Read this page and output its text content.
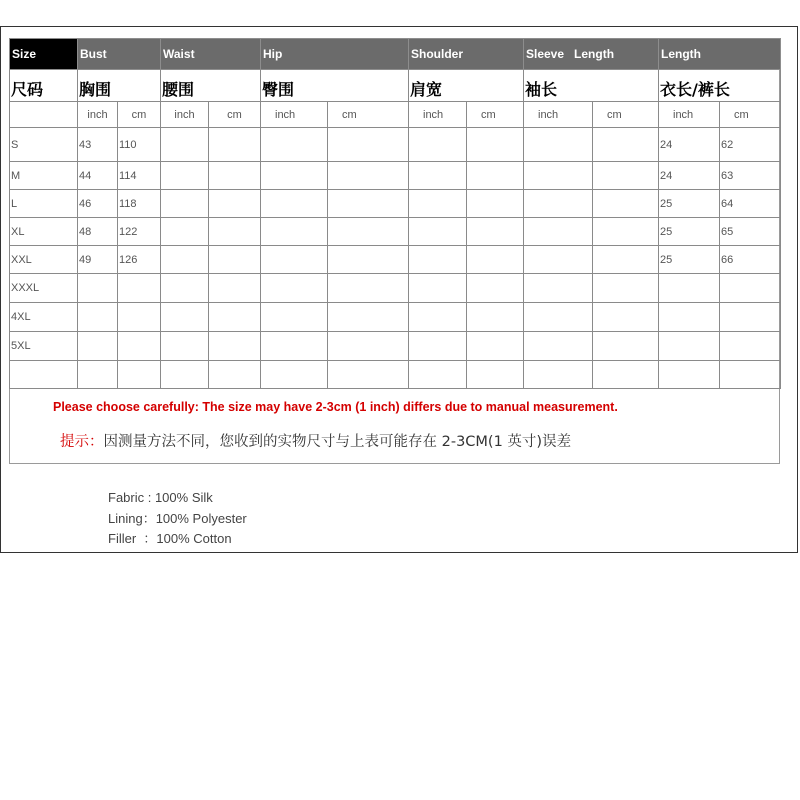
Size	Bust		Waist		Hip		Shoulder		Sleeve   Length		Length	
尺码	胸围		腰围		臀围		肩宽		袖长		衣长/裤长	
	inch	cm	inch	cm	inch	cm	inch	cm	inch	cm	inch	cm
S	43	110									24	62
M	44	114									24	63
L	46	118									25	64
XL	48	122									25	65
XXL	49	126									25	66
XXXL												
4XL												
5XL												

Please choose carefully: The size may have 2-3cm (1 inch) differs due to manual measurement.
提示：因测量方法不同，您收到的实物尺寸与上表可能存在 2-3CM(1 英寸)误差
Fabric : 100% Silk
Lining：100% Polyester
Filler  ：100% Cotton
